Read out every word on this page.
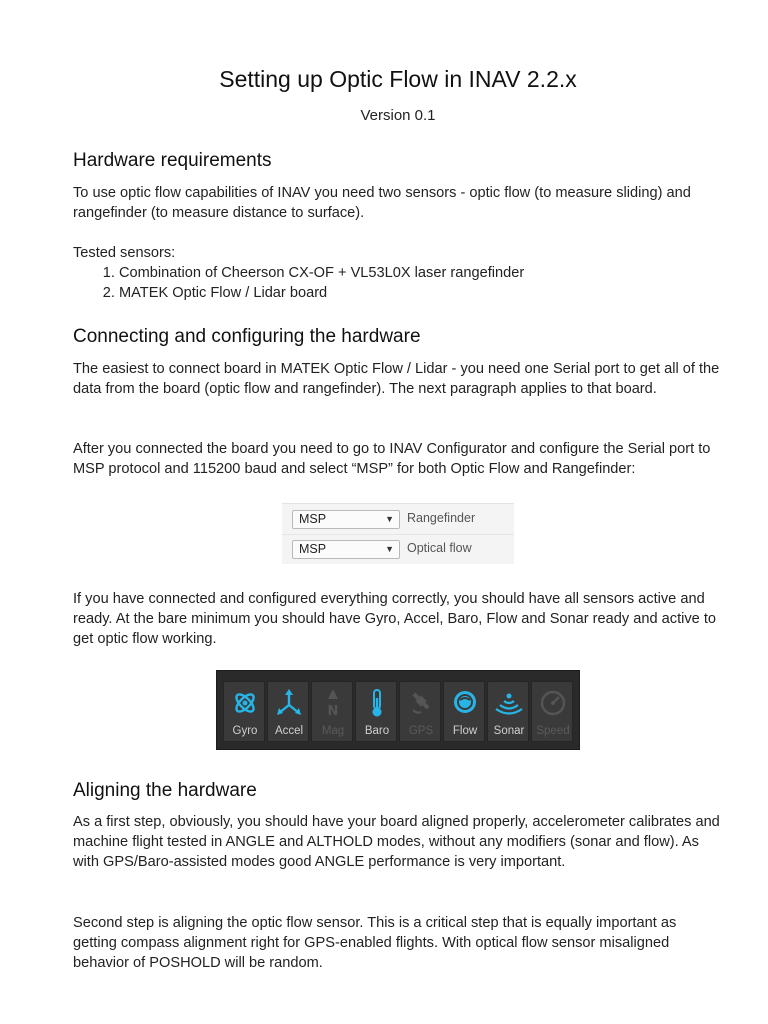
Setting up Optic Flow in INAV 2.2.x
Version 0.1
Hardware requirements

To use optic flow capabilities of INAV you need two sensors - optic flow (to measure sliding) and rangefinder (to measure distance to surface).

Tested sensors:

1. Combination of Cheerson CX-OF + VL53L0X laser rangefinder
2. MATEK Optic Flow / Lidar board
Connecting and configuring the hardware

The easiest to connect board in MATEK Optic Flow / Lidar - you need one Serial port to get all of the data from the board (optic flow and rangefinder). The next paragraph applies to that board.

After you connected the board you need to go to INAV Configurator and configure the Serial port to MSP protocol and 115200 baud and select “MSP” for both Optic Flow and Rangefinder:

MSP	▼ Rangefinder
MSP	▼ Optical flow

If you have connected and configured everything correctly, you should have all sensors active and ready. At the bare minimum you should have Gyro, Accel, Baro, Flow and Sonar ready and active to get optic flow working.

Gyro	Accel
N
Mag	Baro	GPS	Flow	Sonar	Speed
Aligning the hardware

As a first step, obviously, you should have your board aligned properly, accelerometer calibrates and machine flight tested in ANGLE and ALTHOLD modes, without any modifiers (sonar and flow). As with GPS/Baro-assisted modes good ANGLE performance is very important.

Second step is aligning the optic flow sensor. This is a critical step that is equally important as getting compass alignment right for GPS-enabled flights. With optical flow sensor misaligned behavior of POSHOLD will be random.
